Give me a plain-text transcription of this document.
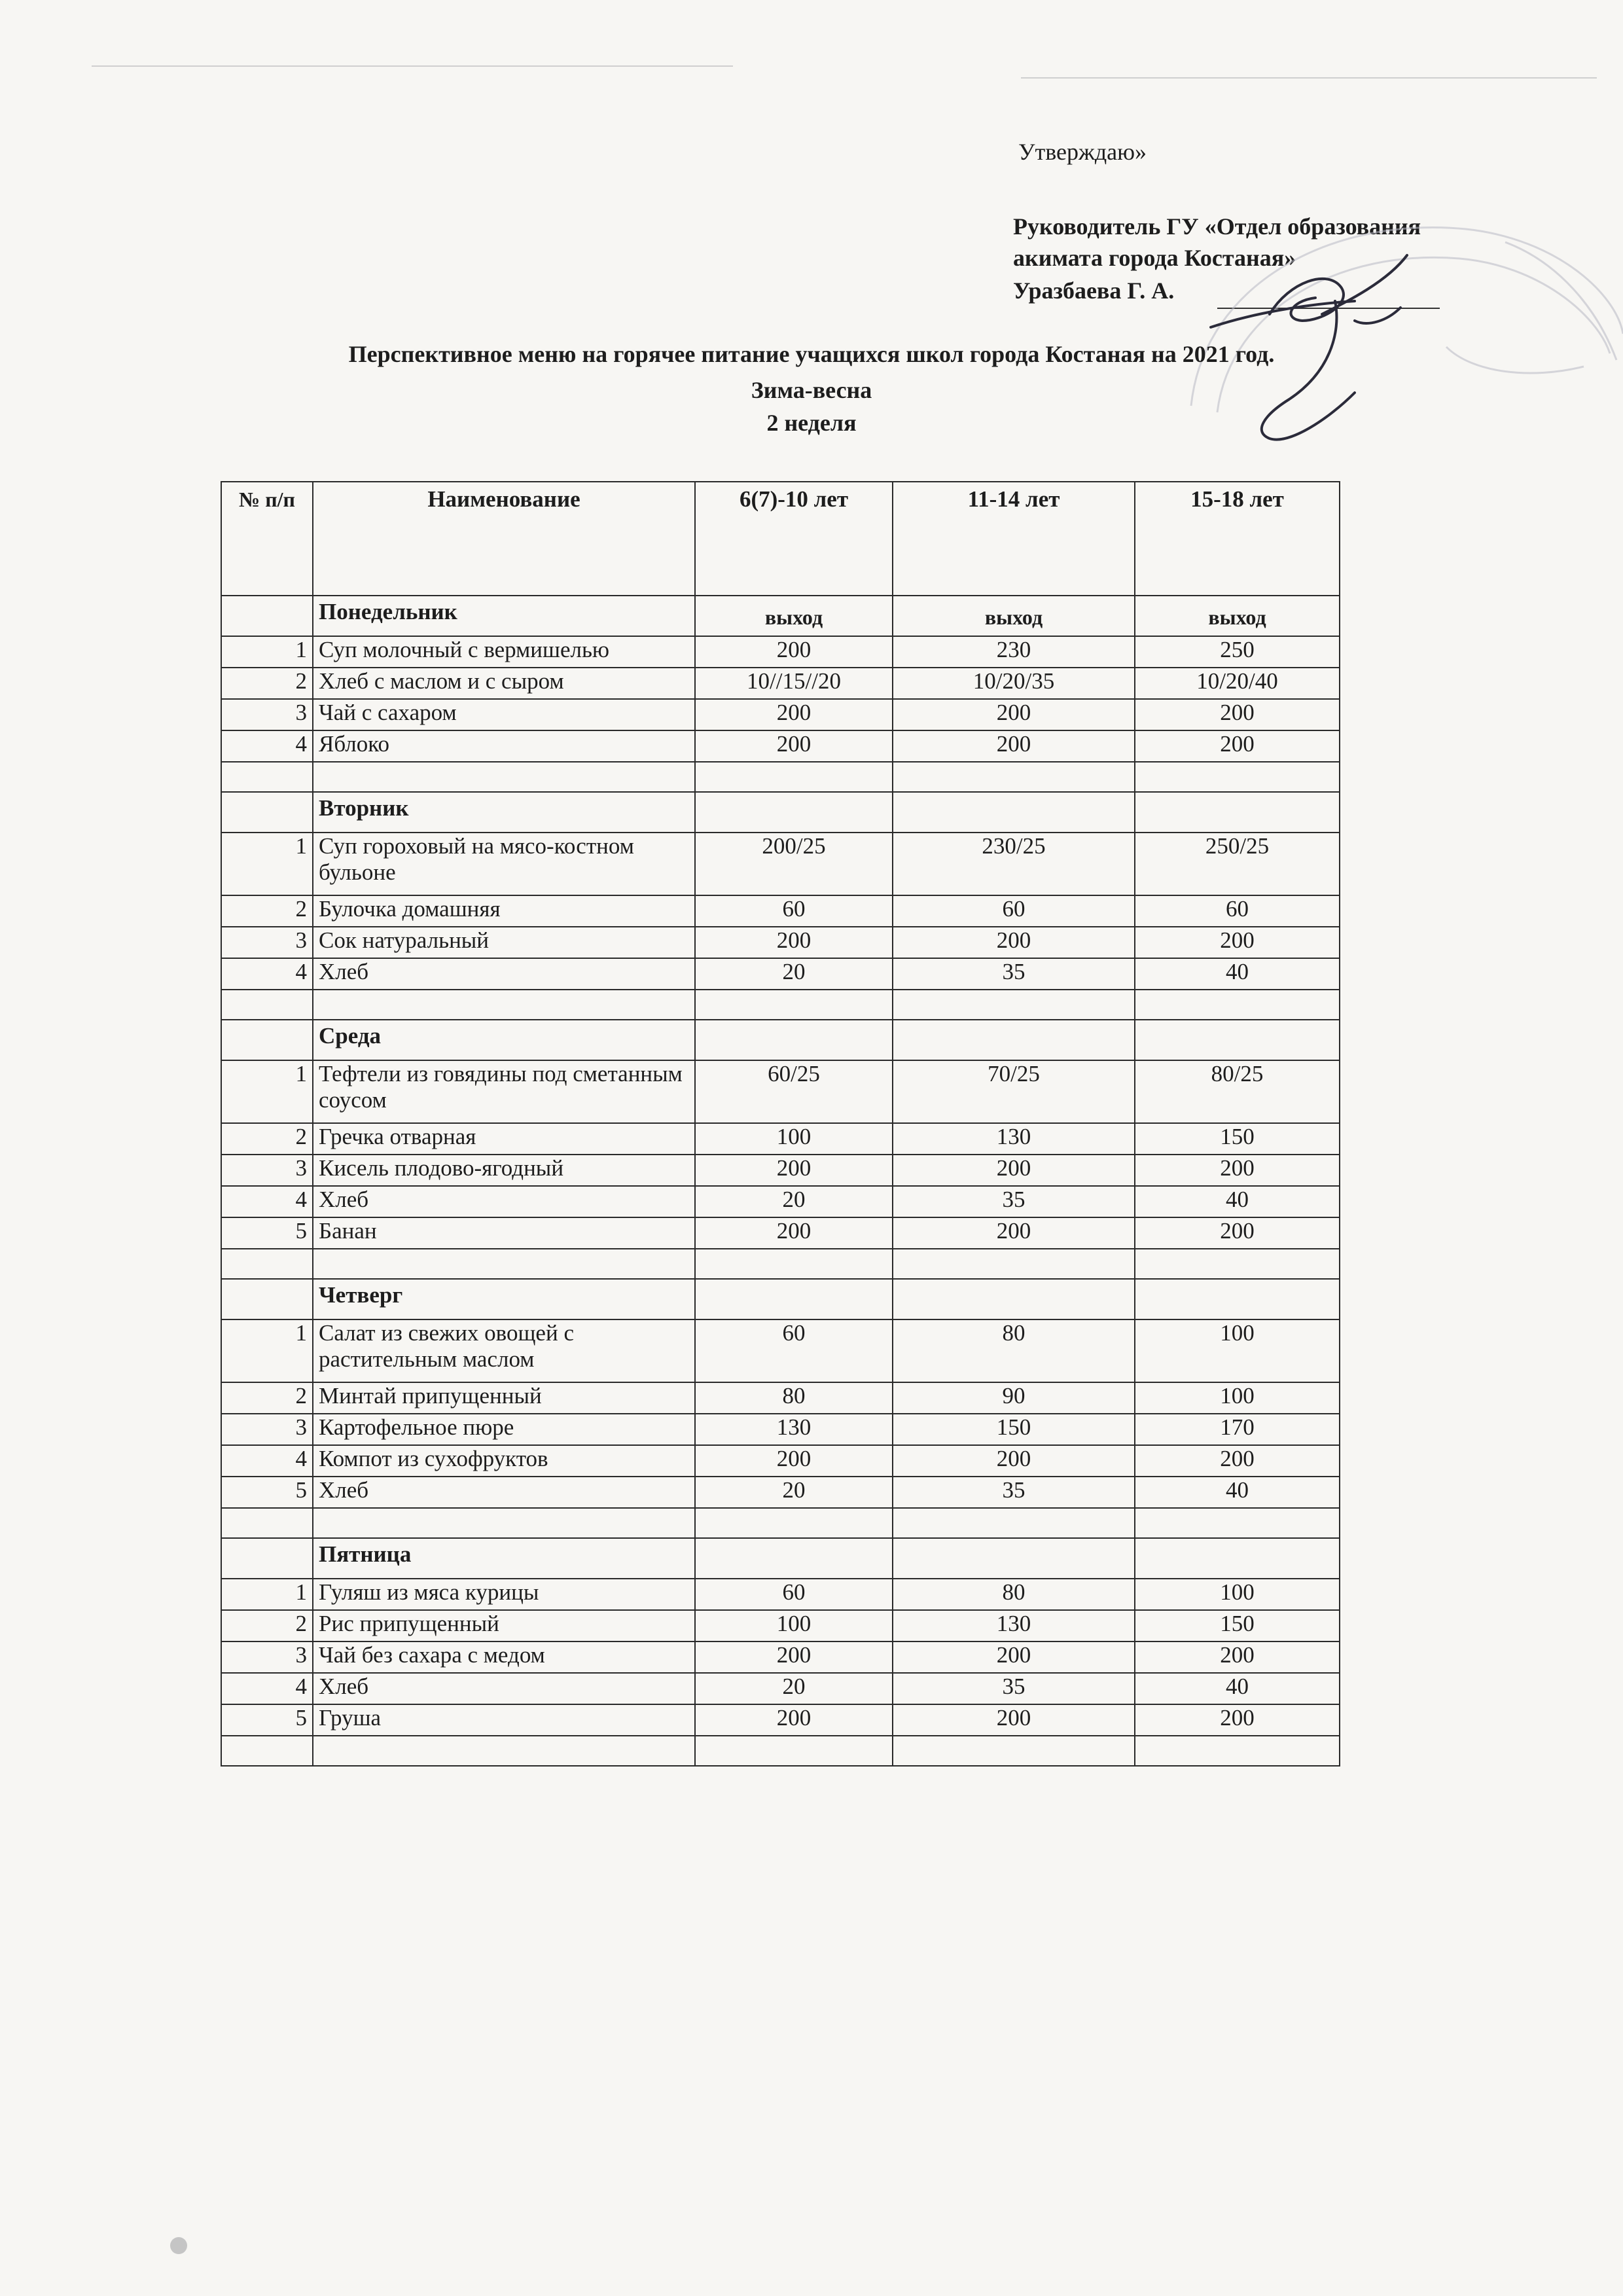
Утверждаю»
Руководитель ГУ «Отдел образования
акимата города Костаная»
Уразбаева Г. А.
Перспективное меню на горячее питание учащихся школ города Костаная на 2021 год.
Зима-весна
2 неделя
№ п/п	Наименование	6(7)-10 лет	11-14 лет	15-18 лет
	Понедельник	выход	выход	выход
1	Суп молочный с вермишелью	200	230	250
2	Хлеб с маслом и с сыром	10//15//20	10/20/35	10/20/40
3	Чай с сахаром	200	200	200
4	Яблоко	200	200	200

	Вторник			
1	Суп гороховый на мясо-костном бульоне	200/25	230/25	250/25
2	Булочка домашняя	60	60	60
3	Сок натуральный	200	200	200
4	Хлеб	20	35	40

	Среда			
1	Тефтели из говядины под сметанным соусом	60/25	70/25	80/25
2	Гречка отварная	100	130	150
3	Кисель плодово-ягодный	200	200	200
4	Хлеб	20	35	40
5	Банан	200	200	200

	Четверг			
1	Салат из свежих овощей с растительным маслом	60	80	100
2	Минтай припущенный	80	90	100
3	Картофельное пюре	130	150	170
4	Компот из сухофруктов	200	200	200
5	Хлеб	20	35	40

	Пятница			
1	Гуляш из мяса курицы	60	80	100
2	Рис припущенный	100	130	150
3	Чай без сахара с медом	200	200	200
4	Хлеб	20	35	40
5	Груша	200	200	200
